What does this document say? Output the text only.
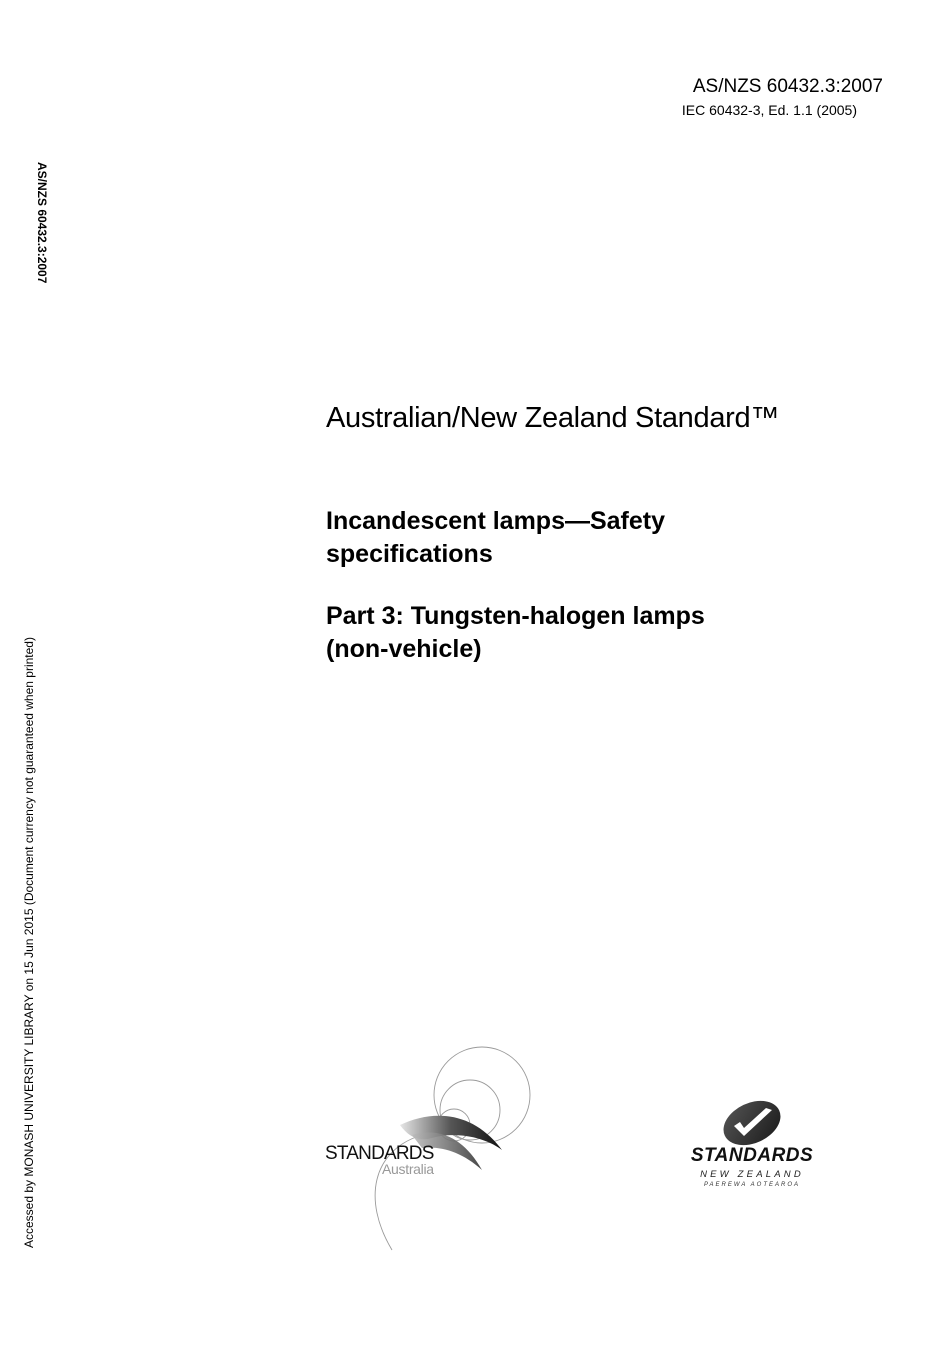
AS/NZS 60432.3:2007
IEC 60432-3, Ed. 1.1 (2005)
AS/NZS 60432.3:2007
Accessed by MONASH UNIVERSITY LIBRARY on 15 Jun 2015 (Document currency not guaranteed when printed)
Australian/New Zealand Standard™
Incandescent lamps—Safety
specifications
Part 3: Tungsten-halogen lamps
(non-vehicle)
STANDARDS
Australia
STANDARDS
NEW ZEALAND
PAEREWA AOTEAROA
